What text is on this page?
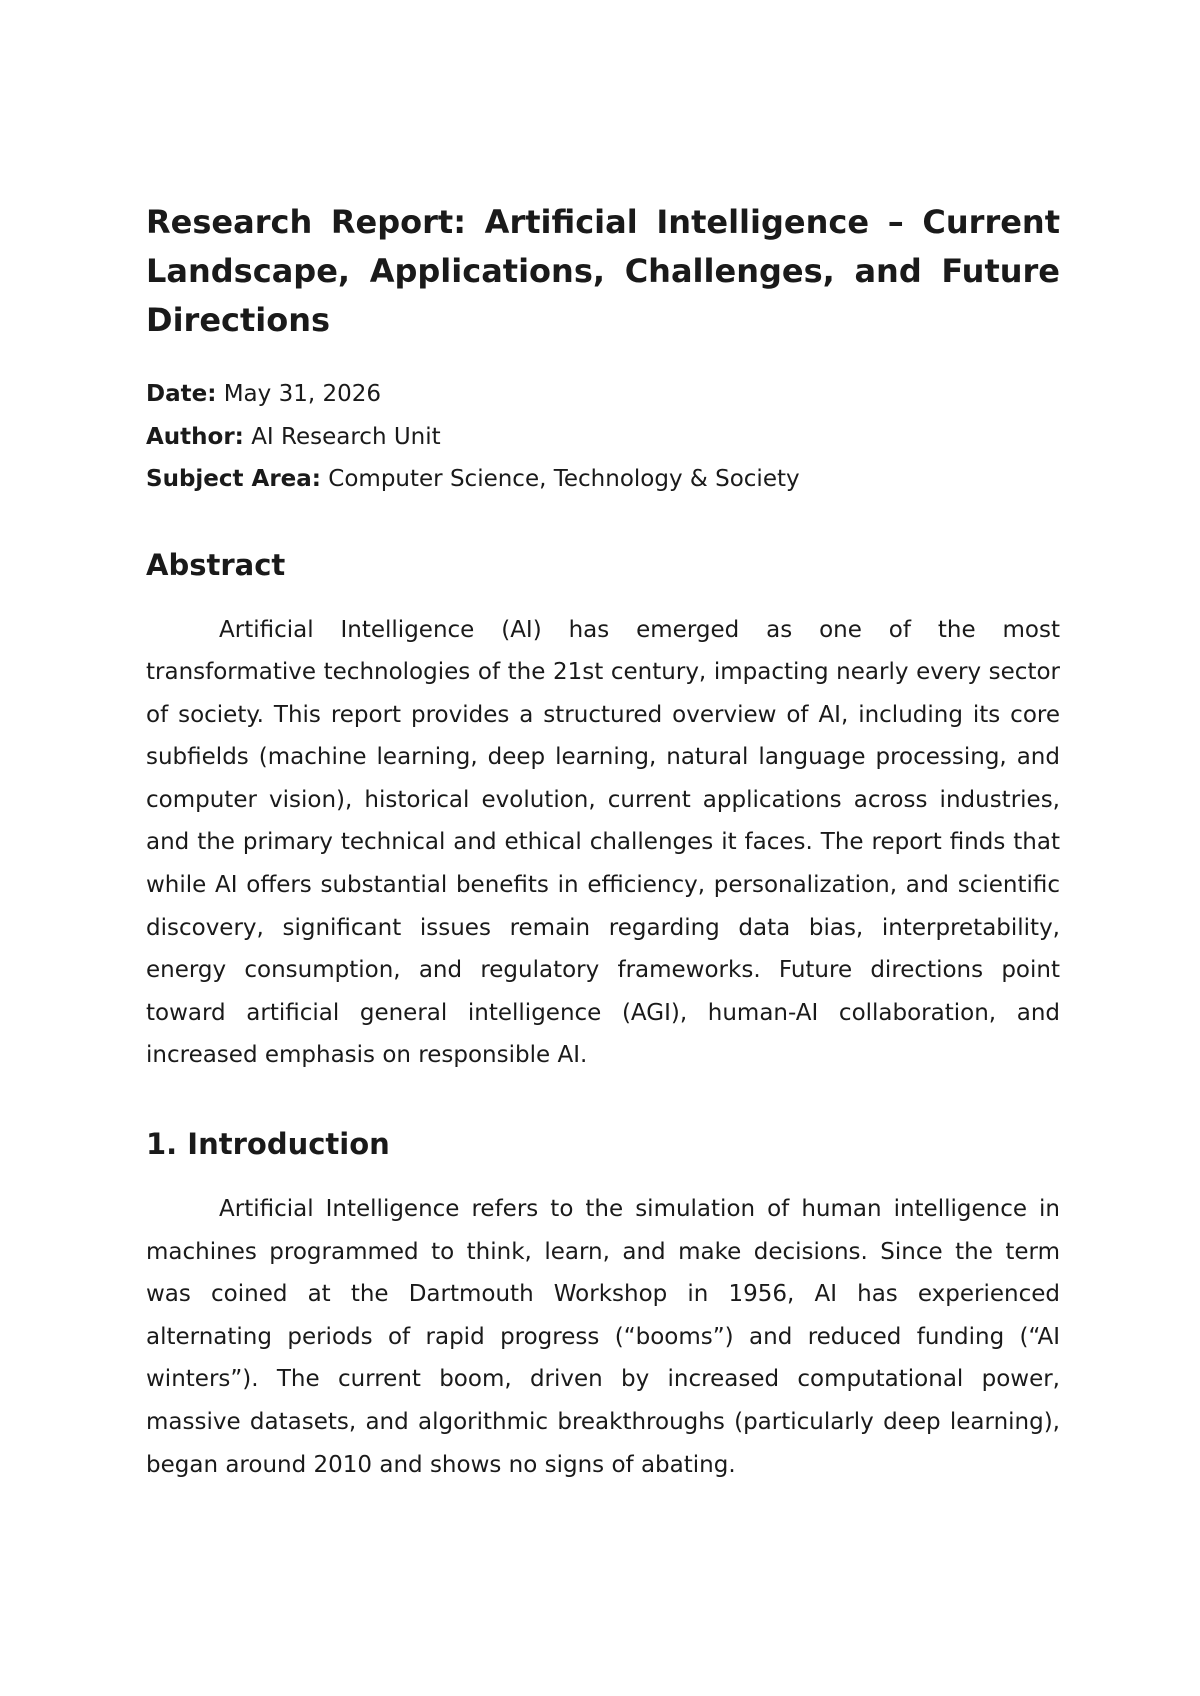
Research Report: Artificial Intelligence – Current Landscape, Applications, Challenges, and Future Directions
Date: May 31, 2026
Author: AI Research Unit
Subject Area: Computer Science, Technology & Society
Abstract

Artificial Intelligence (AI) has emerged as one of the most transformative technologies of the 21st century, impacting nearly every sector of society. This report provides a structured overview of AI, including its core subfields (machine learning, deep learning, natural language processing, and computer vision), historical evolution, current applications across industries, and the primary technical and ethical challenges it faces. The report finds that while AI offers substantial benefits in efficiency, personalization, and scientific discovery, significant issues remain regarding data bias, interpretability, energy consumption, and regulatory frameworks. Future directions point toward artificial general intelligence (AGI), human-AI collaboration, and increased emphasis on responsible AI.

1. Introduction

Artificial Intelligence refers to the simulation of human intelligence in machines programmed to think, learn, and make decisions. Since the term was coined at the Dartmouth Workshop in 1956, AI has experienced alternating periods of rapid progress (“booms”) and reduced funding (“AI winters”). The current boom, driven by increased computational power, massive datasets, and algorithmic breakthroughs (particularly deep learning), began around 2010 and shows no signs of abating.
